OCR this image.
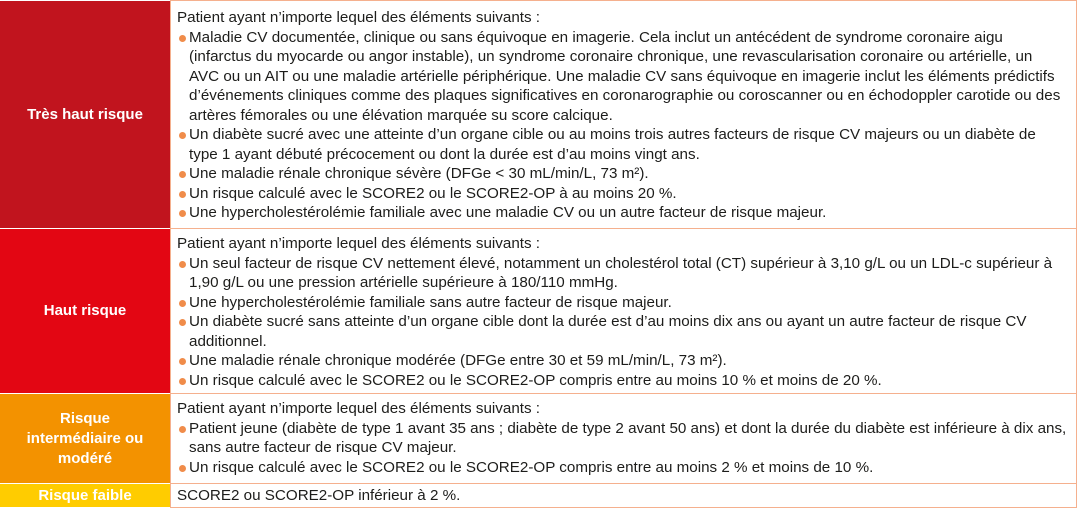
Très haut risque
Patient ayant n’importe lequel des éléments suivants :
Maladie CV documentée, clinique ou sans équivoque en imagerie. Cela inclut un antécédent de syndrome coronaire aigu
(infarctus du myocarde ou angor instable), un syndrome coronaire chronique, une revascularisation coronaire ou artérielle, un
AVC ou un AIT ou une maladie artérielle périphérique. Une maladie CV sans équivoque en imagerie inclut les éléments prédictifs
d’événements cliniques comme des plaques significatives en coronarographie ou coroscanner ou en échodoppler carotide ou des
artères fémorales ou une élévation marquée su score calcique.
Un diabète sucré avec une atteinte d’un organe cible ou au moins trois autres facteurs de risque CV majeurs ou un diabète de
type 1 ayant débuté précocement ou dont la durée est d’au moins vingt ans.
Une maladie rénale chronique sévère (DFGe < 30 mL/min/L, 73 m²).
Un risque calculé avec le SCORE2 ou le SCORE2-OP à au moins 20 %.
Une hypercholestérolémie familiale avec une maladie CV ou un autre facteur de risque majeur.
Haut risque
Patient ayant n’importe lequel des éléments suivants :
Un seul facteur de risque CV nettement élevé, notamment un cholestérol total (CT) supérieur à 3,10 g/L ou un LDL-c supérieur à
1,90 g/L ou une pression artérielle supérieure à 180/110 mmHg.
Une hypercholestérolémie familiale sans autre facteur de risque majeur.
Un diabète sucré sans atteinte d’un organe cible dont la durée est d’au moins dix ans ou ayant un autre facteur de risque CV
additionnel.
Une maladie rénale chronique modérée (DFGe entre 30 et 59 mL/min/L, 73 m²).
Un risque calculé avec le SCORE2 ou le SCORE2-OP compris entre au moins 10 % et moins de 20 %.
Risque
intermédiaire ou
modéré
Patient ayant n’importe lequel des éléments suivants :
Patient jeune (diabète de type 1 avant 35 ans ; diabète de type 2 avant 50 ans) et dont la durée du diabète est inférieure à dix ans,
sans autre facteur de risque CV majeur.
Un risque calculé avec le SCORE2 ou le SCORE2-OP compris entre au moins 2 % et moins de 10 %.
Risque faible	SCORE2 ou SCORE2-OP inférieur à 2 %.
